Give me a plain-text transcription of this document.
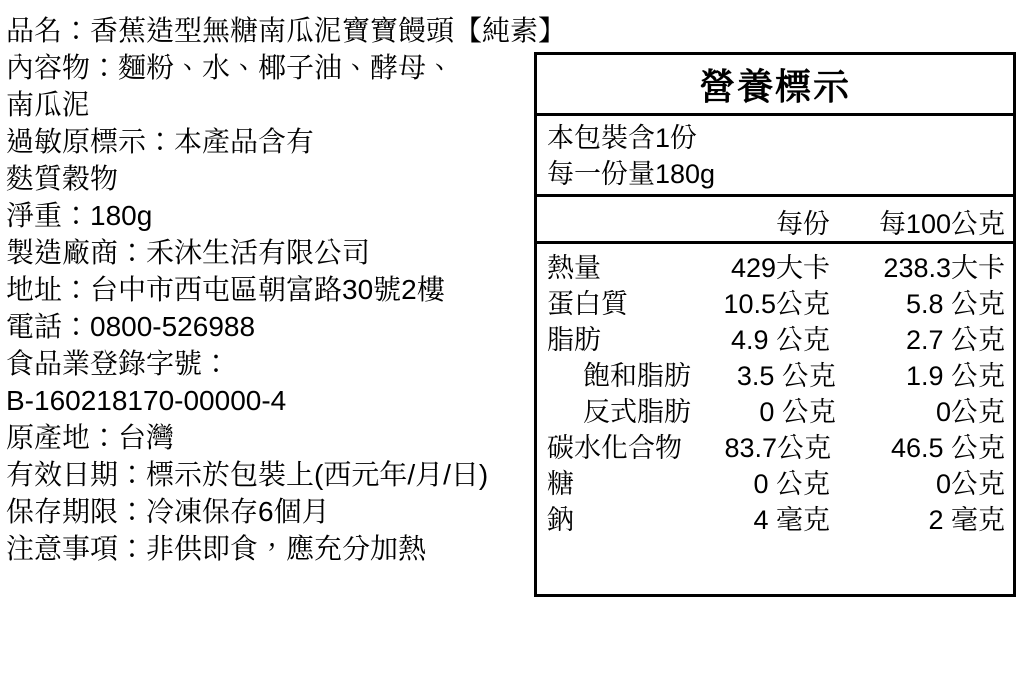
品名：香蕉造型無糖南瓜泥寶寶饅頭【純素】
內容物：麵粉、水、椰子油、酵母、
南瓜泥
過敏原標示：本產品含有
麩質穀物
淨重：180g
製造廠商：禾沐生活有限公司
地址：台中市西屯區朝富路30號2樓
電話：0800-526988
食品業登錄字號：
B-160218170-00000-4
原產地：台灣
有效日期：標示於包裝上(西元年/月/日)
保存期限：冷凍保存6個月
注意事項：非供即食，應充分加熱
營養標示
本包裝含1份
每一份量180g
每份	每100公克
熱量	429大卡	238.3大卡
蛋白質	10.5公克	5.8 公克
脂肪	4.9 公克	2.7 公克
飽和脂肪	3.5 公克	1.9 公克
反式脂肪	0 公克	0公克
碳水化合物	83.7公克	46.5 公克
糖	0 公克	0公克
鈉	4 毫克	2 毫克
